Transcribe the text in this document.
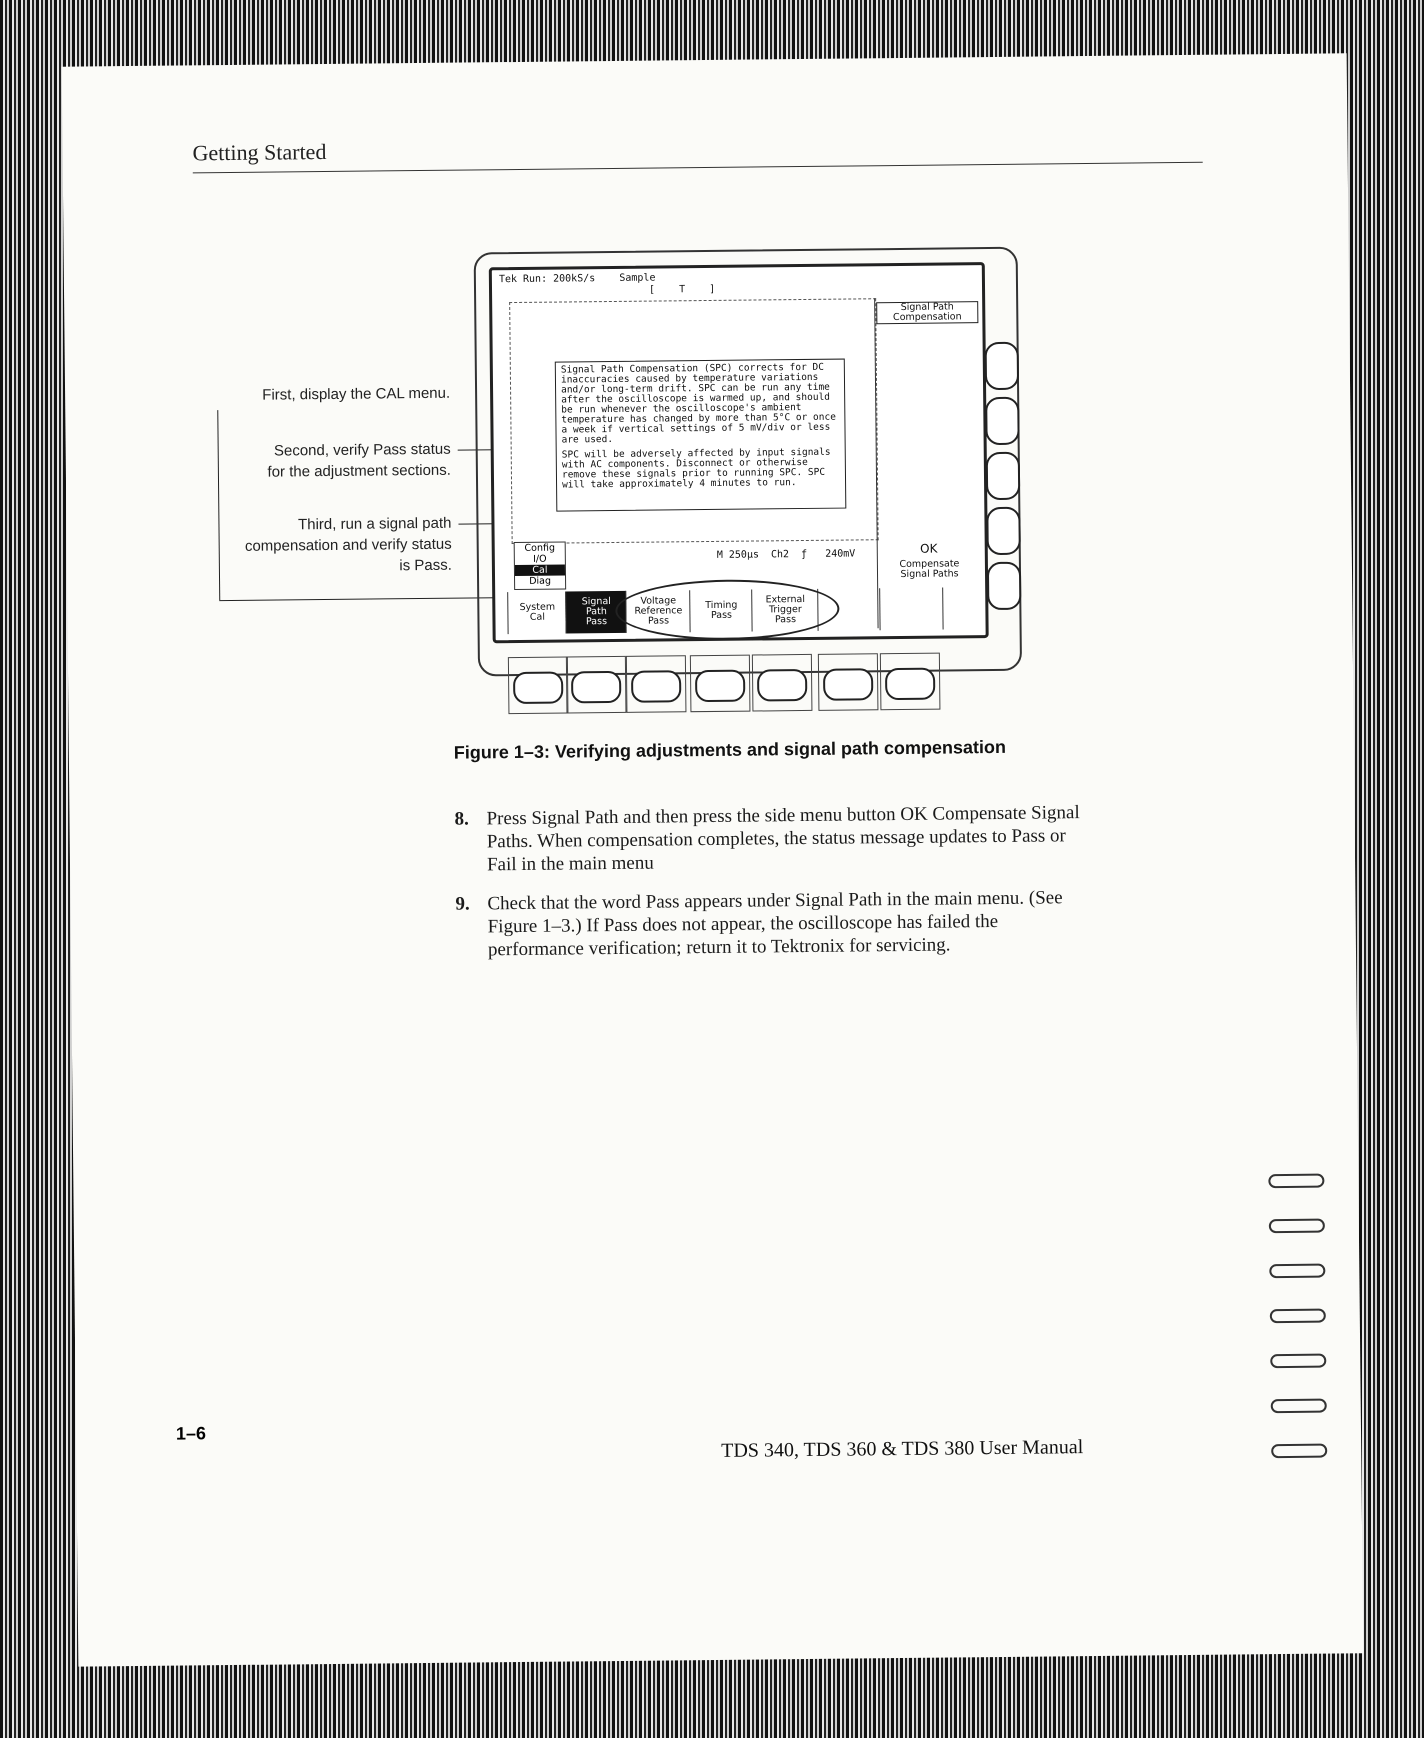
Getting Started
First, display the CAL menu.
Second, verify Pass status for the adjustment sections.
Third, run a signal path compensation and verify status is Pass.
Tek Run: 200kS/s    Sample
[    T    ]

Signal Path Compensation (SPC) corrects for DC inaccuracies caused by temperature variations and/or long-term drift. SPC can be run any time after the oscilloscope is warmed up, and should be run whenever the oscilloscope's ambient temperature has changed by more than 5°C or once a week if vertical settings of 5 mV/div or less are used.

SPC will be adversely affected by input signals with AC components. Disconnect or otherwise remove these signals prior to running SPC. SPC will take approximately 4 minutes to run.

M 250µs  Ch2  ƒ   240mV
Signal Path Compensation
OK
Compensate Signal Paths
Config
I/O
Cal
Diag
System
Cal
Signal
Path
Pass
Voltage
Reference
Pass
Timing
Pass
External
Trigger
Pass
Figure 1–3: Verifying adjustments and signal path compensation
8. Press Signal Path and then press the side menu button OK Compensate Signal Paths. When compensation completes, the status message updates to Pass or Fail in the main menu
9. Check that the word Pass appears under Signal Path in the main menu. (See Figure 1–3.) If Pass does not appear, the oscilloscope has failed the performance verification; return it to Tektronix for servicing.
1–6
TDS 340, TDS 360 & TDS 380 User Manual
